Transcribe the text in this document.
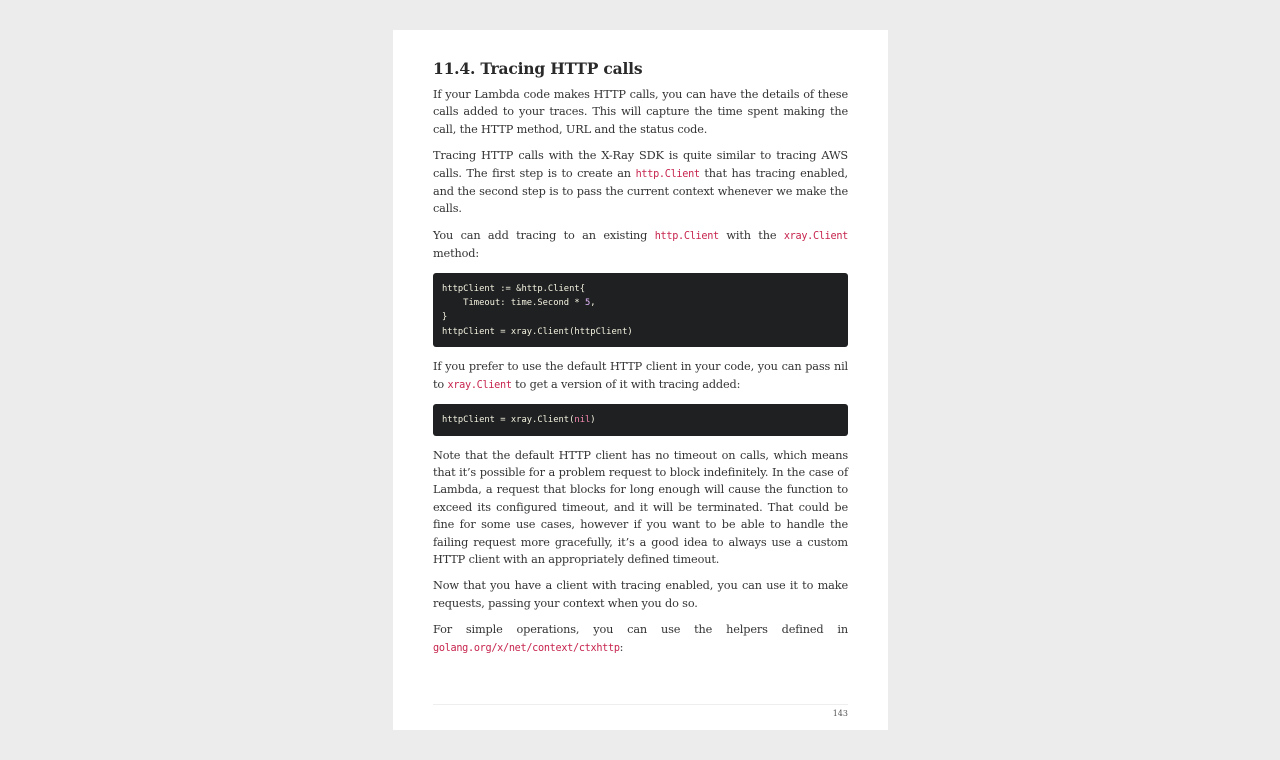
11.4. Tracing HTTP calls

If your Lambda code makes HTTP calls, you can have the details of these calls added to your traces. This will capture the time spent making the call, the HTTP method, URL and the status code.

Tracing HTTP calls with the X-Ray SDK is quite similar to tracing AWS calls. The first step is to create an http.Client that has tracing enabled, and the second step is to pass the current context whenever we make the calls.

You can add tracing to an existing http.Client with the xray.Client method:

httpClient := &http.Client{
Timeout: time.Second * 5,
}
httpClient = xray.Client(httpClient)

If you prefer to use the default HTTP client in your code, you can pass nil to xray.Client to get a version of it with tracing added:

httpClient = xray.Client(nil)

Note that the default HTTP client has no timeout on calls, which means that it’s possible for a problem request to block indefinitely. In the case of Lambda, a request that blocks for long enough will cause the function to exceed its configured timeout, and it will be terminated. That could be fine for some use cases, however if you want to be able to handle the failing request more gracefully, it’s a good idea to always use a custom HTTP client with an appropriately defined timeout.

Now that you have a client with tracing enabled, you can use it to make requests, passing your context when you do so.

For simple operations, you can use the helpers defined in golang.org/x/net/context/ctxhttp:

143
